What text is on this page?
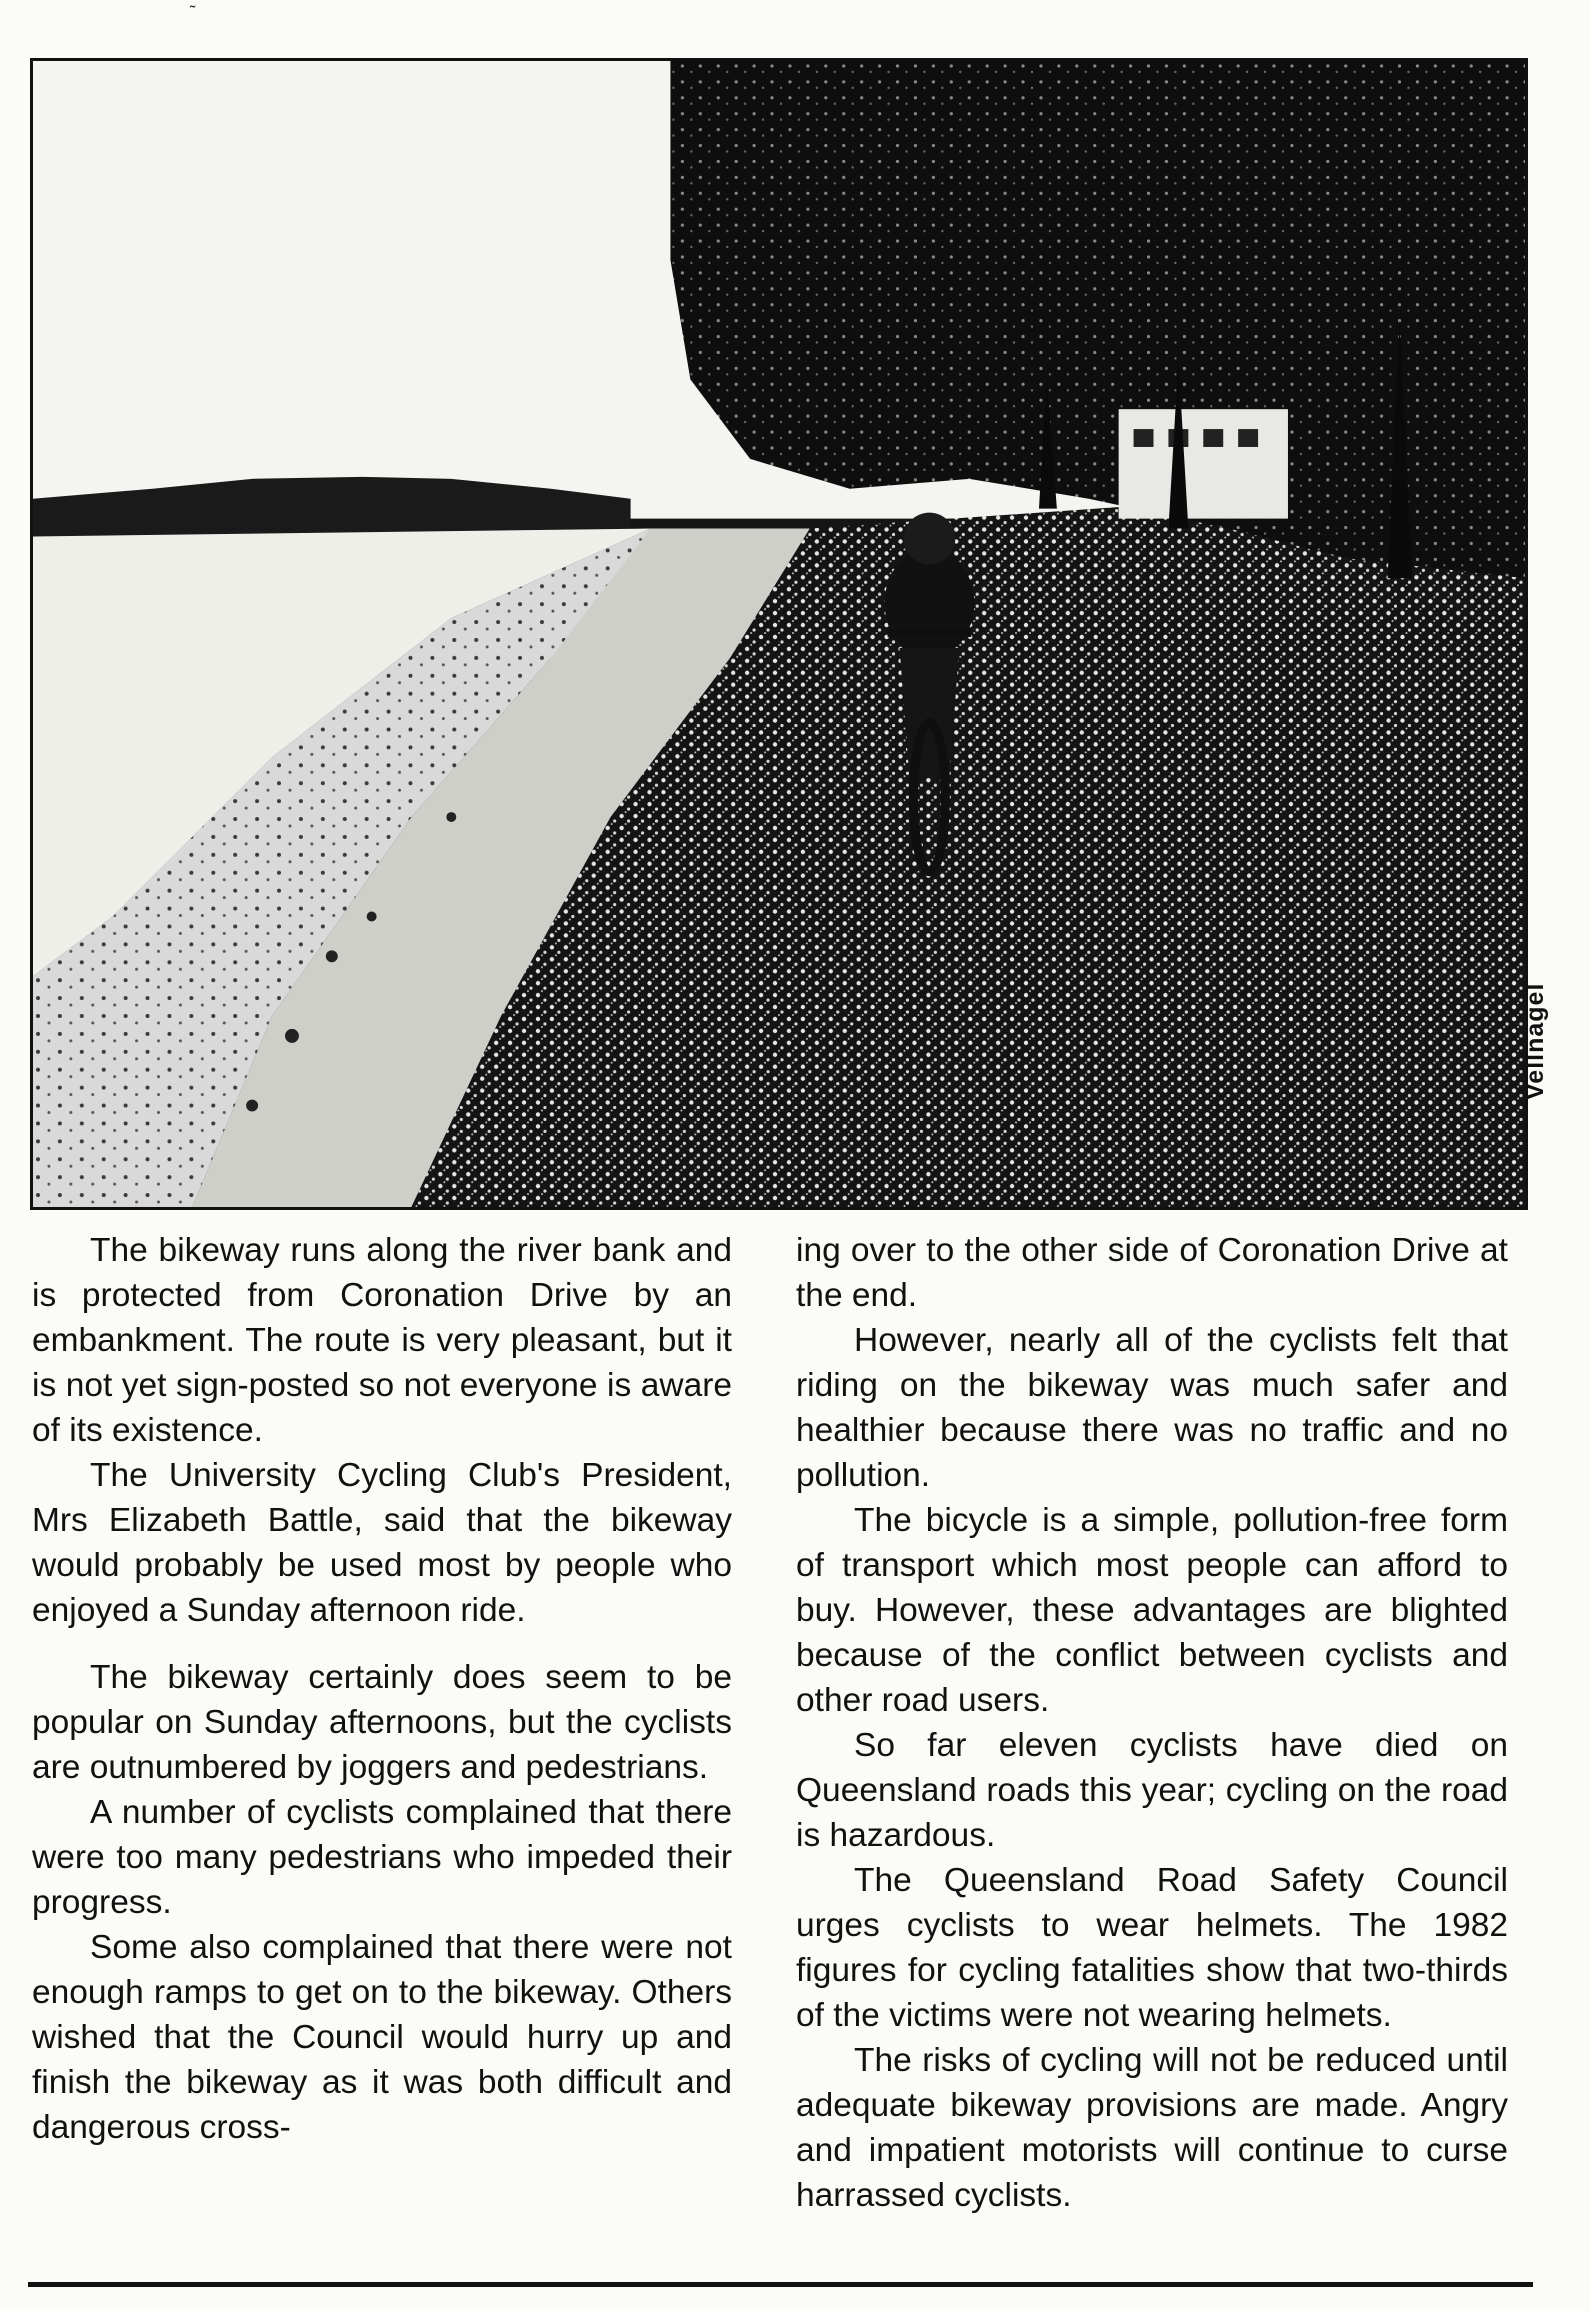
˜
Vellnagel

The bikeway runs along the river bank and is protected from Coronation Drive by an embankment. The route is very pleasant, but it is not yet sign-posted so not everyone is aware of its existence.

The University Cycling Club's President, Mrs Elizabeth Battle, said that the bikeway would probably be used most by people who enjoyed a Sunday afternoon ride.

The bikeway certainly does seem to be popular on Sunday afternoons, but the cyclists are outnumbered by joggers and pedestrians.

A number of cyclists complained that there were too many pedestrians who impeded their progress.

Some also complained that there were not enough ramps to get on to the bikeway. Others wished that the Council would hurry up and finish the bikeway as it was both difficult and dangerous cross-

ing over to the other side of Coronation Drive at the end.

However, nearly all of the cyclists felt that riding on the bikeway was much safer and healthier because there was no traffic and no pollution.

The bicycle is a simple, pollution-free form of transport which most people can afford to buy. However, these advantages are blighted because of the conflict between cyclists and other road users.

So far eleven cyclists have died on Queensland roads this year; cycling on the road is hazardous.

The Queensland Road Safety Council urges cyclists to wear helmets. The 1982 figures for cycling fatalities show that two-thirds of the victims were not wearing helmets.

The risks of cycling will not be reduced until adequate bikeway provisions are made. Angry and impatient motorists will continue to curse harrassed cyclists.
